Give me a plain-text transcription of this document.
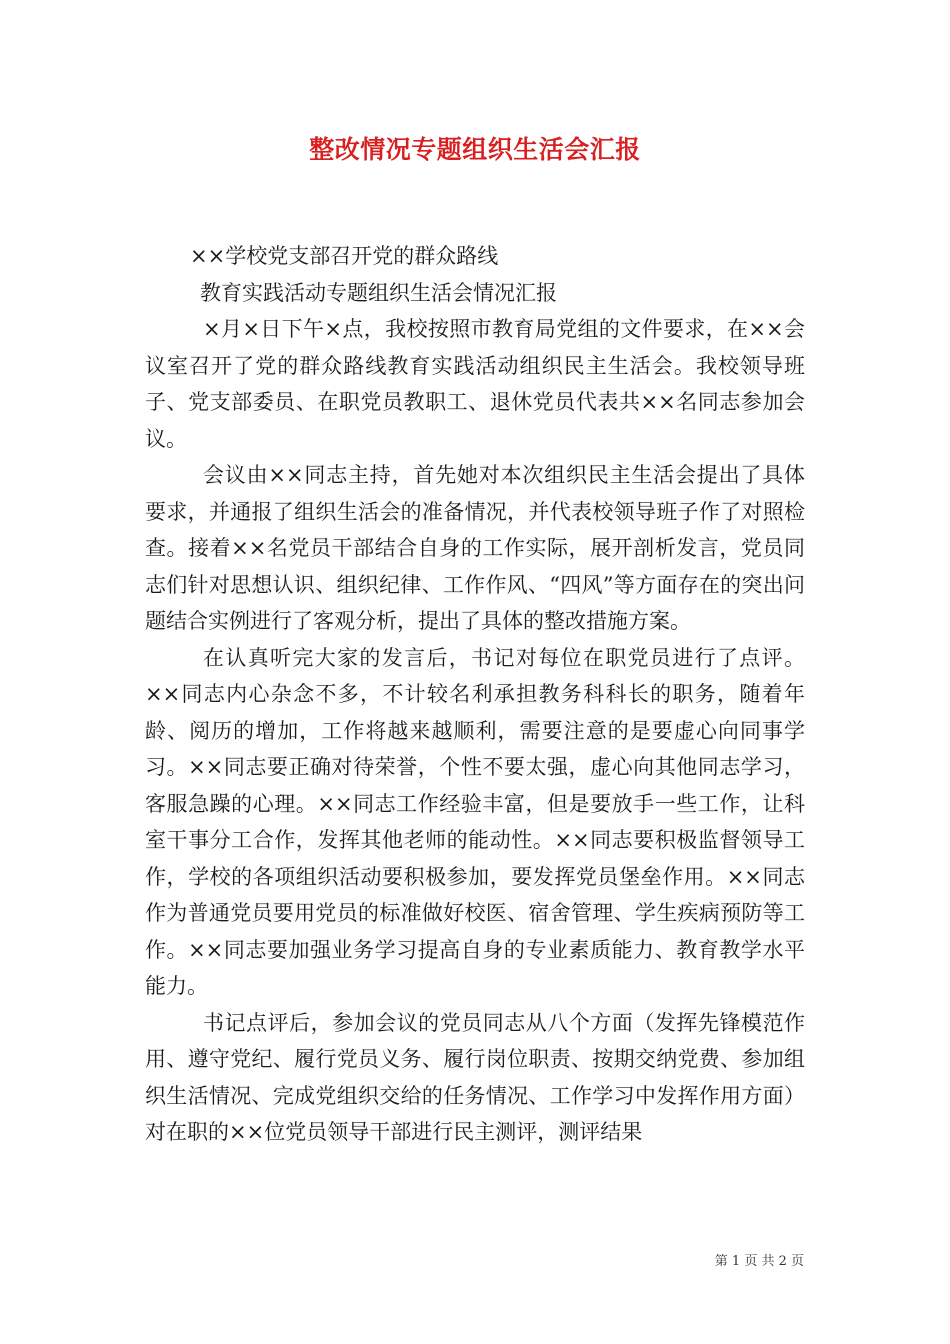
整改情况专题组织生活会汇报

××学校党支部召开党的群众路线

教育实践活动专题组织生活会情况汇报

×月×日下午×点，我校按照市教育局党组的文件要求，在××会议室召开了党的群众路线教育实践活动组织民主生活会。我校领导班子、党支部委员、在职党员教职工、退休党员代表共××名同志参加会议。

会议由××同志主持，首先她对本次组织民主生活会提出了具体要求，并通报了组织生活会的准备情况，并代表校领导班子作了对照检查。接着××名党员干部结合自身的工作实际，展开剖析发言，党员同志们针对思想认识、组织纪律、工作作风、“四风”等方面存在的突出问题结合实例进行了客观分析，提出了具体的整改措施方案。

在认真听完大家的发言后，书记对每位在职党员进行了点评。××同志内心杂念不多，不计较名利承担教务科科长的职务，随着年龄、阅历的增加，工作将越来越顺利，需要注意的是要虚心向同事学习。××同志要正确对待荣誉，个性不要太强，虚心向其他同志学习，客服急躁的心理。××同志工作经验丰富，但是要放手一些工作，让科室干事分工合作，发挥其他老师的能动性。××同志要积极监督领导工作，学校的各项组织活动要积极参加，要发挥党员堡垒作用。××同志作为普通党员要用党员的标准做好校医、宿舍管理、学生疾病预防等工作。××同志要加强业务学习提高自身的专业素质能力、教育教学水平能力。

书记点评后，参加会议的党员同志从八个方面（发挥先锋模范作用、遵守党纪、履行党员义务、履行岗位职责、按期交纳党费、参加组织生活情况、完成党组织交给的任务情况、工作学习中发挥作用方面）对在职的××位党员领导干部进行民主测评，测评结果

第 1 页 共 2 页
